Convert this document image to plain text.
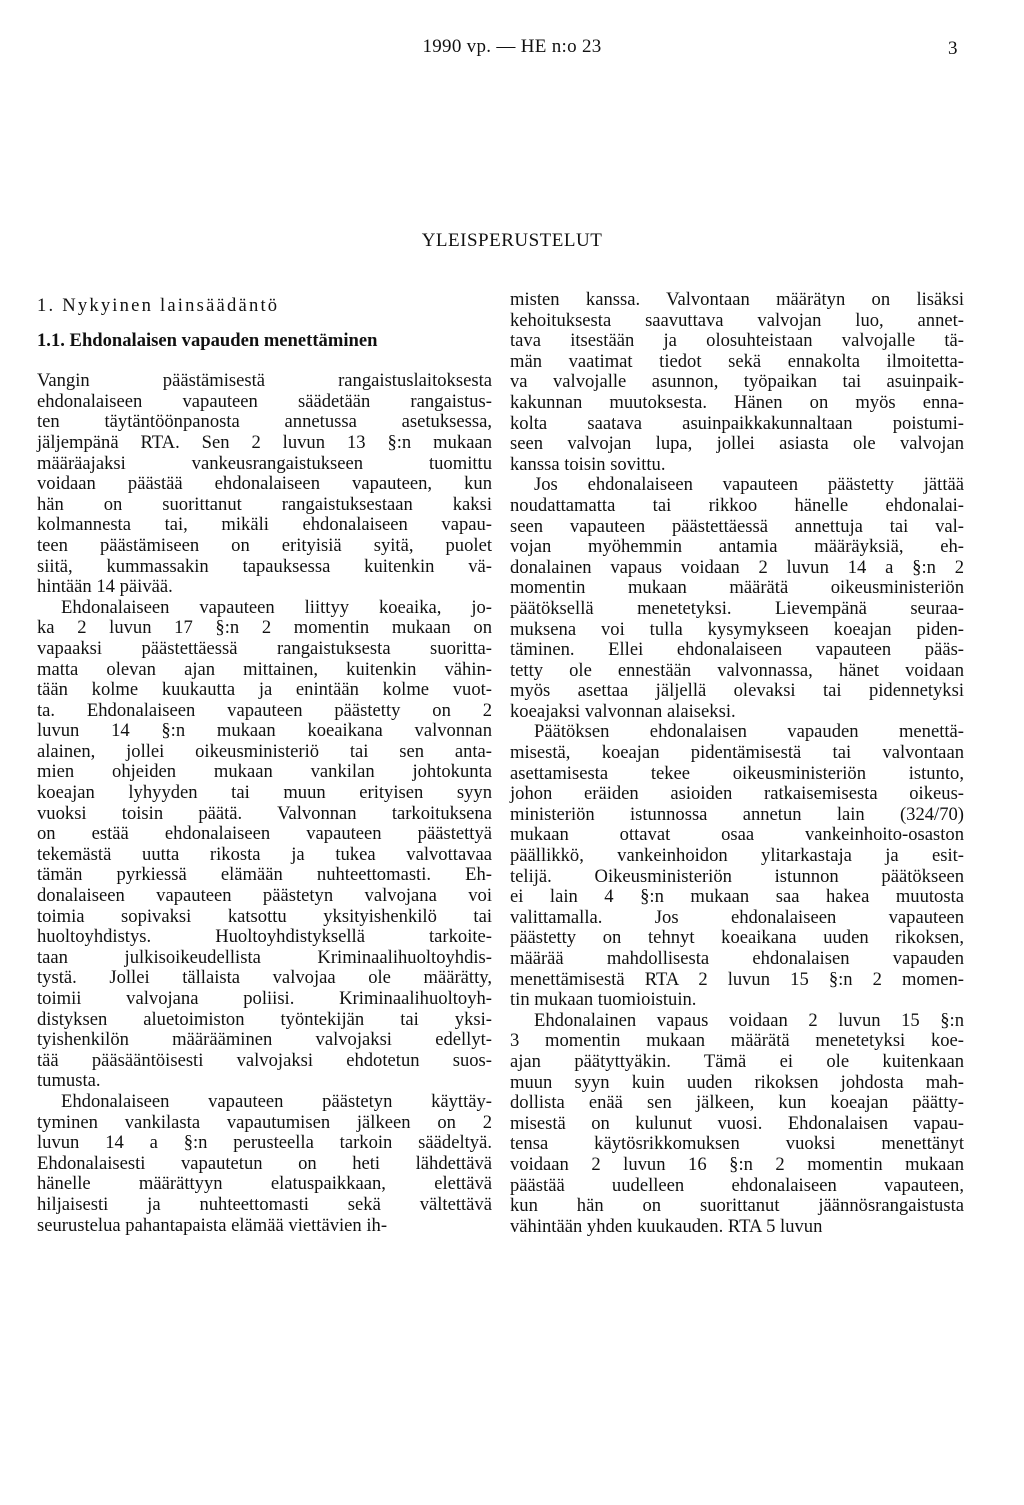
1990 vp. — HE n:o 23	3
YLEISPERUSTELUT
1. Nykyinen lainsäädäntö
1.1. Ehdonalaisen vapauden menettäminen
Vangin päästämisestä rangaistuslaitoksesta
ehdonalaiseen vapauteen säädetään rangaistus-
ten täytäntöönpanosta annetussa asetuksessa,
jäljempänä RTA. Sen 2 luvun 13 §:n mukaan
määräajaksi vankeusrangaistukseen tuomittu
voidaan päästää ehdonalaiseen vapauteen, kun
hän on suorittanut rangaistuksestaan kaksi
kolmannesta tai, mikäli ehdonalaiseen vapau-
teen päästämiseen on erityisiä syitä, puolet
siitä, kummassakin tapauksessa kuitenkin vä-
hintään 14 päivää.
Ehdonalaiseen vapauteen liittyy koeaika, jo-
ka 2 luvun 17 §:n 2 momentin mukaan on
vapaaksi päästettäessä rangaistuksesta suoritta-
matta olevan ajan mittainen, kuitenkin vähin-
tään kolme kuukautta ja enintään kolme vuot-
ta. Ehdonalaiseen vapauteen päästetty on 2
luvun 14 §:n mukaan koeaikana valvonnan
alainen, jollei oikeusministeriö tai sen anta-
mien ohjeiden mukaan vankilan johtokunta
koeajan lyhyyden tai muun erityisen syyn
vuoksi toisin päätä. Valvonnan tarkoituksena
on estää ehdonalaiseen vapauteen päästettyä
tekemästä uutta rikosta ja tukea valvottavaa
tämän pyrkiessä elämään nuhteettomasti. Eh-
donalaiseen vapauteen päästetyn valvojana voi
toimia sopivaksi katsottu yksityishenkilö tai
huoltoyhdistys. Huoltoyhdistyksellä tarkoite-
taan julkisoikeudellista Kriminaalihuoltoyhdis-
tystä. Jollei tällaista valvojaa ole määrätty,
toimii valvojana poliisi. Kriminaalihuoltoyh-
distyksen aluetoimiston työntekijän tai yksi-
tyishenkilön määrääminen valvojaksi edellyt-
tää pääsääntöisesti valvojaksi ehdotetun suos-
tumusta.
Ehdonalaiseen vapauteen päästetyn käyttäy-
tyminen vankilasta vapautumisen jälkeen on 2
luvun 14 a §:n perusteella tarkoin säädeltyä.
Ehdonalaisesti vapautetun on heti lähdettävä
hänelle määrättyyn elatuspaikkaan, elettävä
hiljaisesti ja nuhteettomasti sekä vältettävä
seurustelua pahantapaista elämää viettävien ih-
misten kanssa. Valvontaan määrätyn on lisäksi
kehoituksesta saavuttava valvojan luo, annet-
tava itsestään ja olosuhteistaan valvojalle tä-
män vaatimat tiedot sekä ennakolta ilmoitetta-
va valvojalle asunnon, työpaikan tai asuinpaik-
kakunnan muutoksesta. Hänen on myös enna-
kolta saatava asuinpaikkakunnaltaan poistumi-
seen valvojan lupa, jollei asiasta ole valvojan
kanssa toisin sovittu.
Jos ehdonalaiseen vapauteen päästetty jättää
noudattamatta tai rikkoo hänelle ehdonalai-
seen vapauteen päästettäessä annettuja tai val-
vojan myöhemmin antamia määräyksiä, eh-
donalainen vapaus voidaan 2 luvun 14 a §:n 2
momentin mukaan määrätä oikeusministeriön
päätöksellä menetetyksi. Lievempänä seuraa-
muksena voi tulla kysymykseen koeajan piden-
täminen. Ellei ehdonalaiseen vapauteen pääs-
tetty ole ennestään valvonnassa, hänet voidaan
myös asettaa jäljellä olevaksi tai pidennetyksi
koeajaksi valvonnan alaiseksi.
Päätöksen ehdonalaisen vapauden menettä-
misestä, koeajan pidentämisestä tai valvontaan
asettamisesta tekee oikeusministeriön istunto,
johon eräiden asioiden ratkaisemisesta oikeus-
ministeriön istunnossa annetun lain (324/70)
mukaan ottavat osaa vankeinhoito-osaston
päällikkö, vankeinhoidon ylitarkastaja ja esit-
telijä. Oikeusministeriön istunnon päätökseen
ei lain 4 §:n mukaan saa hakea muutosta
valittamalla. Jos ehdonalaiseen vapauteen
päästetty on tehnyt koeaikana uuden rikoksen,
määrää mahdollisesta ehdonalaisen vapauden
menettämisestä RTA 2 luvun 15 §:n 2 momen-
tin mukaan tuomioistuin.
Ehdonalainen vapaus voidaan 2 luvun 15 §:n
3 momentin mukaan määrätä menetetyksi koe-
ajan päätyttyäkin. Tämä ei ole kuitenkaan
muun syyn kuin uuden rikoksen johdosta mah-
dollista enää sen jälkeen, kun koeajan päätty-
misestä on kulunut vuosi. Ehdonalaisen vapau-
tensa käytösrikkomuksen vuoksi menettänyt
voidaan 2 luvun 16 §:n 2 momentin mukaan
päästää uudelleen ehdonalaiseen vapauteen,
kun hän on suorittanut jäännösrangaistusta
vähintään yhden kuukauden. RTA 5 luvun
